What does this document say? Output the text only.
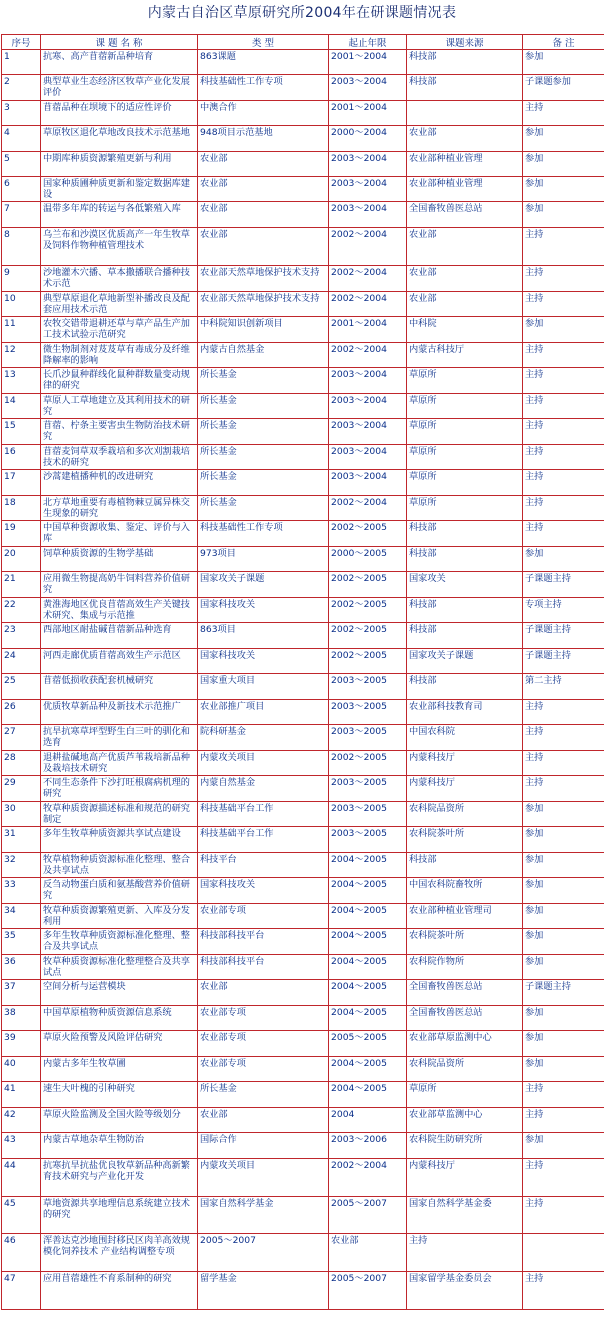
内蒙古自治区草原研究所2004年在研课题情况表
序号	课 题 名 称	类 型	起止年限	课题来源	备 注
1	抗寒、高产苜蓿新品种培育	863课题	2001～2004	科技部	参加
2	典型草业生态经济区牧草产业化发展评价	科技基础性工作专项	2003～2004	科技部	子课题参加
3	苜蓿品种在坝境下的适应性评价	中澳合作	2001～2004		主持
4	草原牧区退化草地改良技术示范基地	948项目示范基地	2000～2004	农业部	参加
5	中期库种质资源繁殖更新与利用	农业部	2003～2004	农业部种植业管理	参加
6	国家种质圃种质更新和鉴定数据库建设	农业部	2003～2004	农业部种植业管理	参加
7	温带多年库的转运与各低繁殖入库	农业部	2003～2004	全国畜牧兽医总站	参加
8	乌兰布和沙漠区优质高产一年生牧草及饲料作物种植管理技术	农业部	2002～2004	农业部	主持
9	沙地灌木穴播、草本撒播联合播种技术示范	农业部天然草地保护技术支持	2002～2004	农业部	主持
10	典型草原退化草地新型补播改良及配套应用技术示范	农业部天然草地保护技术支持	2002～2004	农业部	主持
11	农牧交错带退耕还草与草产品生产加工技术试验示范研究	中科院知识创新项目	2001～2004	中科院	参加
12	微生物制剂对芨芨草有毒成分及纤维降解率的影响	内蒙古自然基金	2002～2004	内蒙古科技厅	主持
13	长爪沙鼠种群线化鼠种群数量变动规律的研究	所长基金	2003～2004	草原所	主持
14	草原人工草地建立及其利用技术的研究	所长基金	2003～2004	草原所	主持
15	苜蓿、柠条主要害虫生物防治技术研究	所长基金	2003～2004	草原所	主持
16	苜蓿麦饲草双季栽培和多次刈割栽培技术的研究	所长基金	2003～2004	草原所	主持
17	沙蒿建植播种机的改进研究	所长基金	2003～2004	草原所	主持
18	北方草地重要有毒植物棘豆属异株交生现象的研究	所长基金	2002～2004	草原所	主持
19	中国草种资源收集、鉴定、评价与入库	科技基础性工作专项	2002～2005	科技部	主持
20	饲草种质资源的生物学基础	973项目	2000～2005	科技部	参加
21	应用微生物提高奶牛饲料营养价值研究	国家攻关子课题	2002～2005	国家攻关	子课题主持
22	黄淮海地区优良苜蓿高效生产关键技术研究、集成与示范推	国家科技攻关	2002～2005	科技部	专项主持
23	西部地区耐盐碱苜蓿新品种选育	863项目	2002～2005	科技部	子课题主持
24	河西走廊优质苜蓿高效生产示范区	国家科技攻关	2002～2005	国家攻关子课题	子课题主持
25	苜蓿低损收获配套机械研究	国家重大项目	2003～2005	科技部	第二主持
26	优质牧草新品种及新技术示范推广	农业部推广项目	2003～2005	农业部科技教育司	主持
27	抗旱抗寒草坪型野生白三叶的驯化和选育	院科研基金	2003～2005	中国农科院	主持
28	退耕盐碱地高产优质芦苇栽培新品种及栽培技术研究	内蒙攻关项目	2002～2005	内蒙科技厅	主持
29	不同生态条件下沙打旺根腐病机理的研究	内蒙自然基金	2003～2005	内蒙科技厅	主持
30	牧草种质资源描述标准和规范的研究制定	科技基础平台工作	2003～2005	农科院品资所	参加
31	多年生牧草种质资源共享试点建设	科技基础平台工作	2003～2005	农科院茶叶所	参加
32	牧草植物种质资源标准化整理、整合及共享试点	科技平台	2004～2005	科技部	参加
33	反刍动物蛋白质和氨基酸营养价值研究	国家科技攻关	2004～2005	中国农科院畜牧所	参加
34	牧草种质资源繁殖更新、入库及分发利用	农业部专项	2004～2005	农业部种植业管理司	参加
35	多年生牧草种质资源标准化整理、整合及共享试点	科技部科技平台	2004～2005	农科院茶叶所	参加
36	牧草种质资源标准化整理整合及共享试点	科技部科技平台	2004～2005	农科院作物所	参加
37	空间分析与运营模块	农业部	2004～2005	全国畜牧兽医总站	子课题主持
38	中国草原植物种质资源信息系统	农业部专项	2004～2005	全国畜牧兽医总站	参加
39	草原火险预警及风险评估研究	农业部专项	2005～2005	农业部草原监测中心	参加
40	内蒙古多年生牧草圃	农业部专项	2004～2005	农科院品资所	参加
41	速生大叶槐的引种研究	所长基金	2004～2005	草原所	主持
42	草原火险监测及全国火险等级划分	农业部	2004	农业部草监测中心	主持
43	内蒙古草地杂草生物防治	国际合作	2003～2006	农科院生防研究所	参加
44	抗寒抗旱抗盐优良牧草新品种高新繁育技术研究与产业化开发	内蒙攻关项目	2002～2004	内蒙科技厅	主持
45	草地资源共享地理信息系统建立技术的研究	国家自然科学基金	2005～2007	国家自然科学基金委	主持
46	浑善达克沙地围封移民区肉羊高效规模化饲养技术 产业结构调整专项	2005～2007	农业部	主持	
47	应用苜蓿雄性不育系制种的研究	留学基金	2005～2007	国家留学基金委员会	主持
